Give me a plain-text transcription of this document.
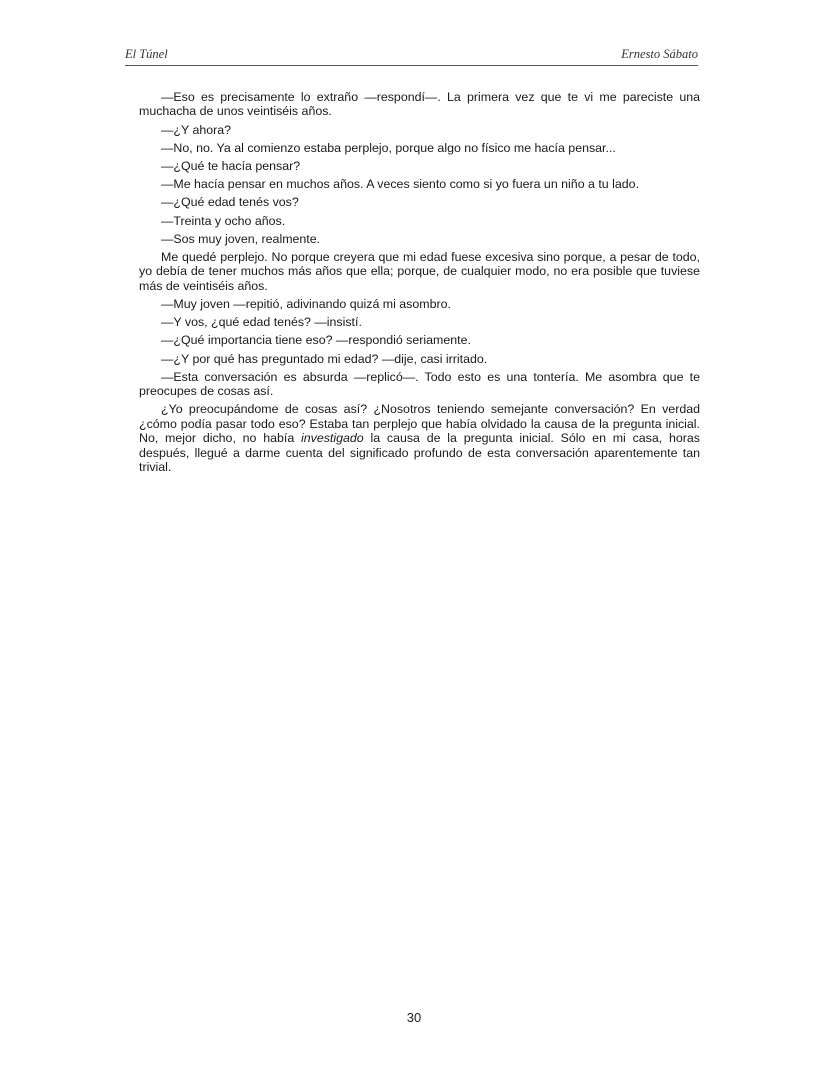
El Túnel	Ernesto Sábato

—Eso es precisamente lo extraño —respondí—. La primera vez que te vi me pareciste una muchacha de unos veintiséis años.

—¿Y ahora?

—No, no. Ya al comienzo estaba perplejo, porque algo no físico me hacía pensar...

—¿Qué te hacía pensar?

—Me hacía pensar en muchos años. A veces siento como si yo fuera un niño a tu lado.

—¿Qué edad tenés vos?

—Treinta y ocho años.

—Sos muy joven, realmente.

Me quedé perplejo. No porque creyera que mi edad fuese excesiva sino porque, a pesar de todo, yo debía de tener muchos más años que ella; porque, de cualquier modo, no era posible que tuviese más de veintiséis años.

—Muy joven —repitió, adivinando quizá mi asombro.

—Y vos, ¿qué edad tenés? —insistí.

—¿Qué importancia tiene eso? —respondió seriamente.

—¿Y por qué has preguntado mi edad? —dije, casi irritado.

—Esta conversación es absurda —replicó—. Todo esto es una tontería. Me asombra que te preocupes de cosas así.

¿Yo preocupándome de cosas así? ¿Nosotros teniendo semejante conversación? En verdad ¿cómo podía pasar todo eso? Estaba tan perplejo que había olvidado la causa de la pregunta inicial. No, mejor dicho, no había investigado la causa de la pregunta inicial. Sólo en mi casa, horas después, llegué a darme cuenta del significado profundo de esta conversación aparentemente tan trivial.

30
